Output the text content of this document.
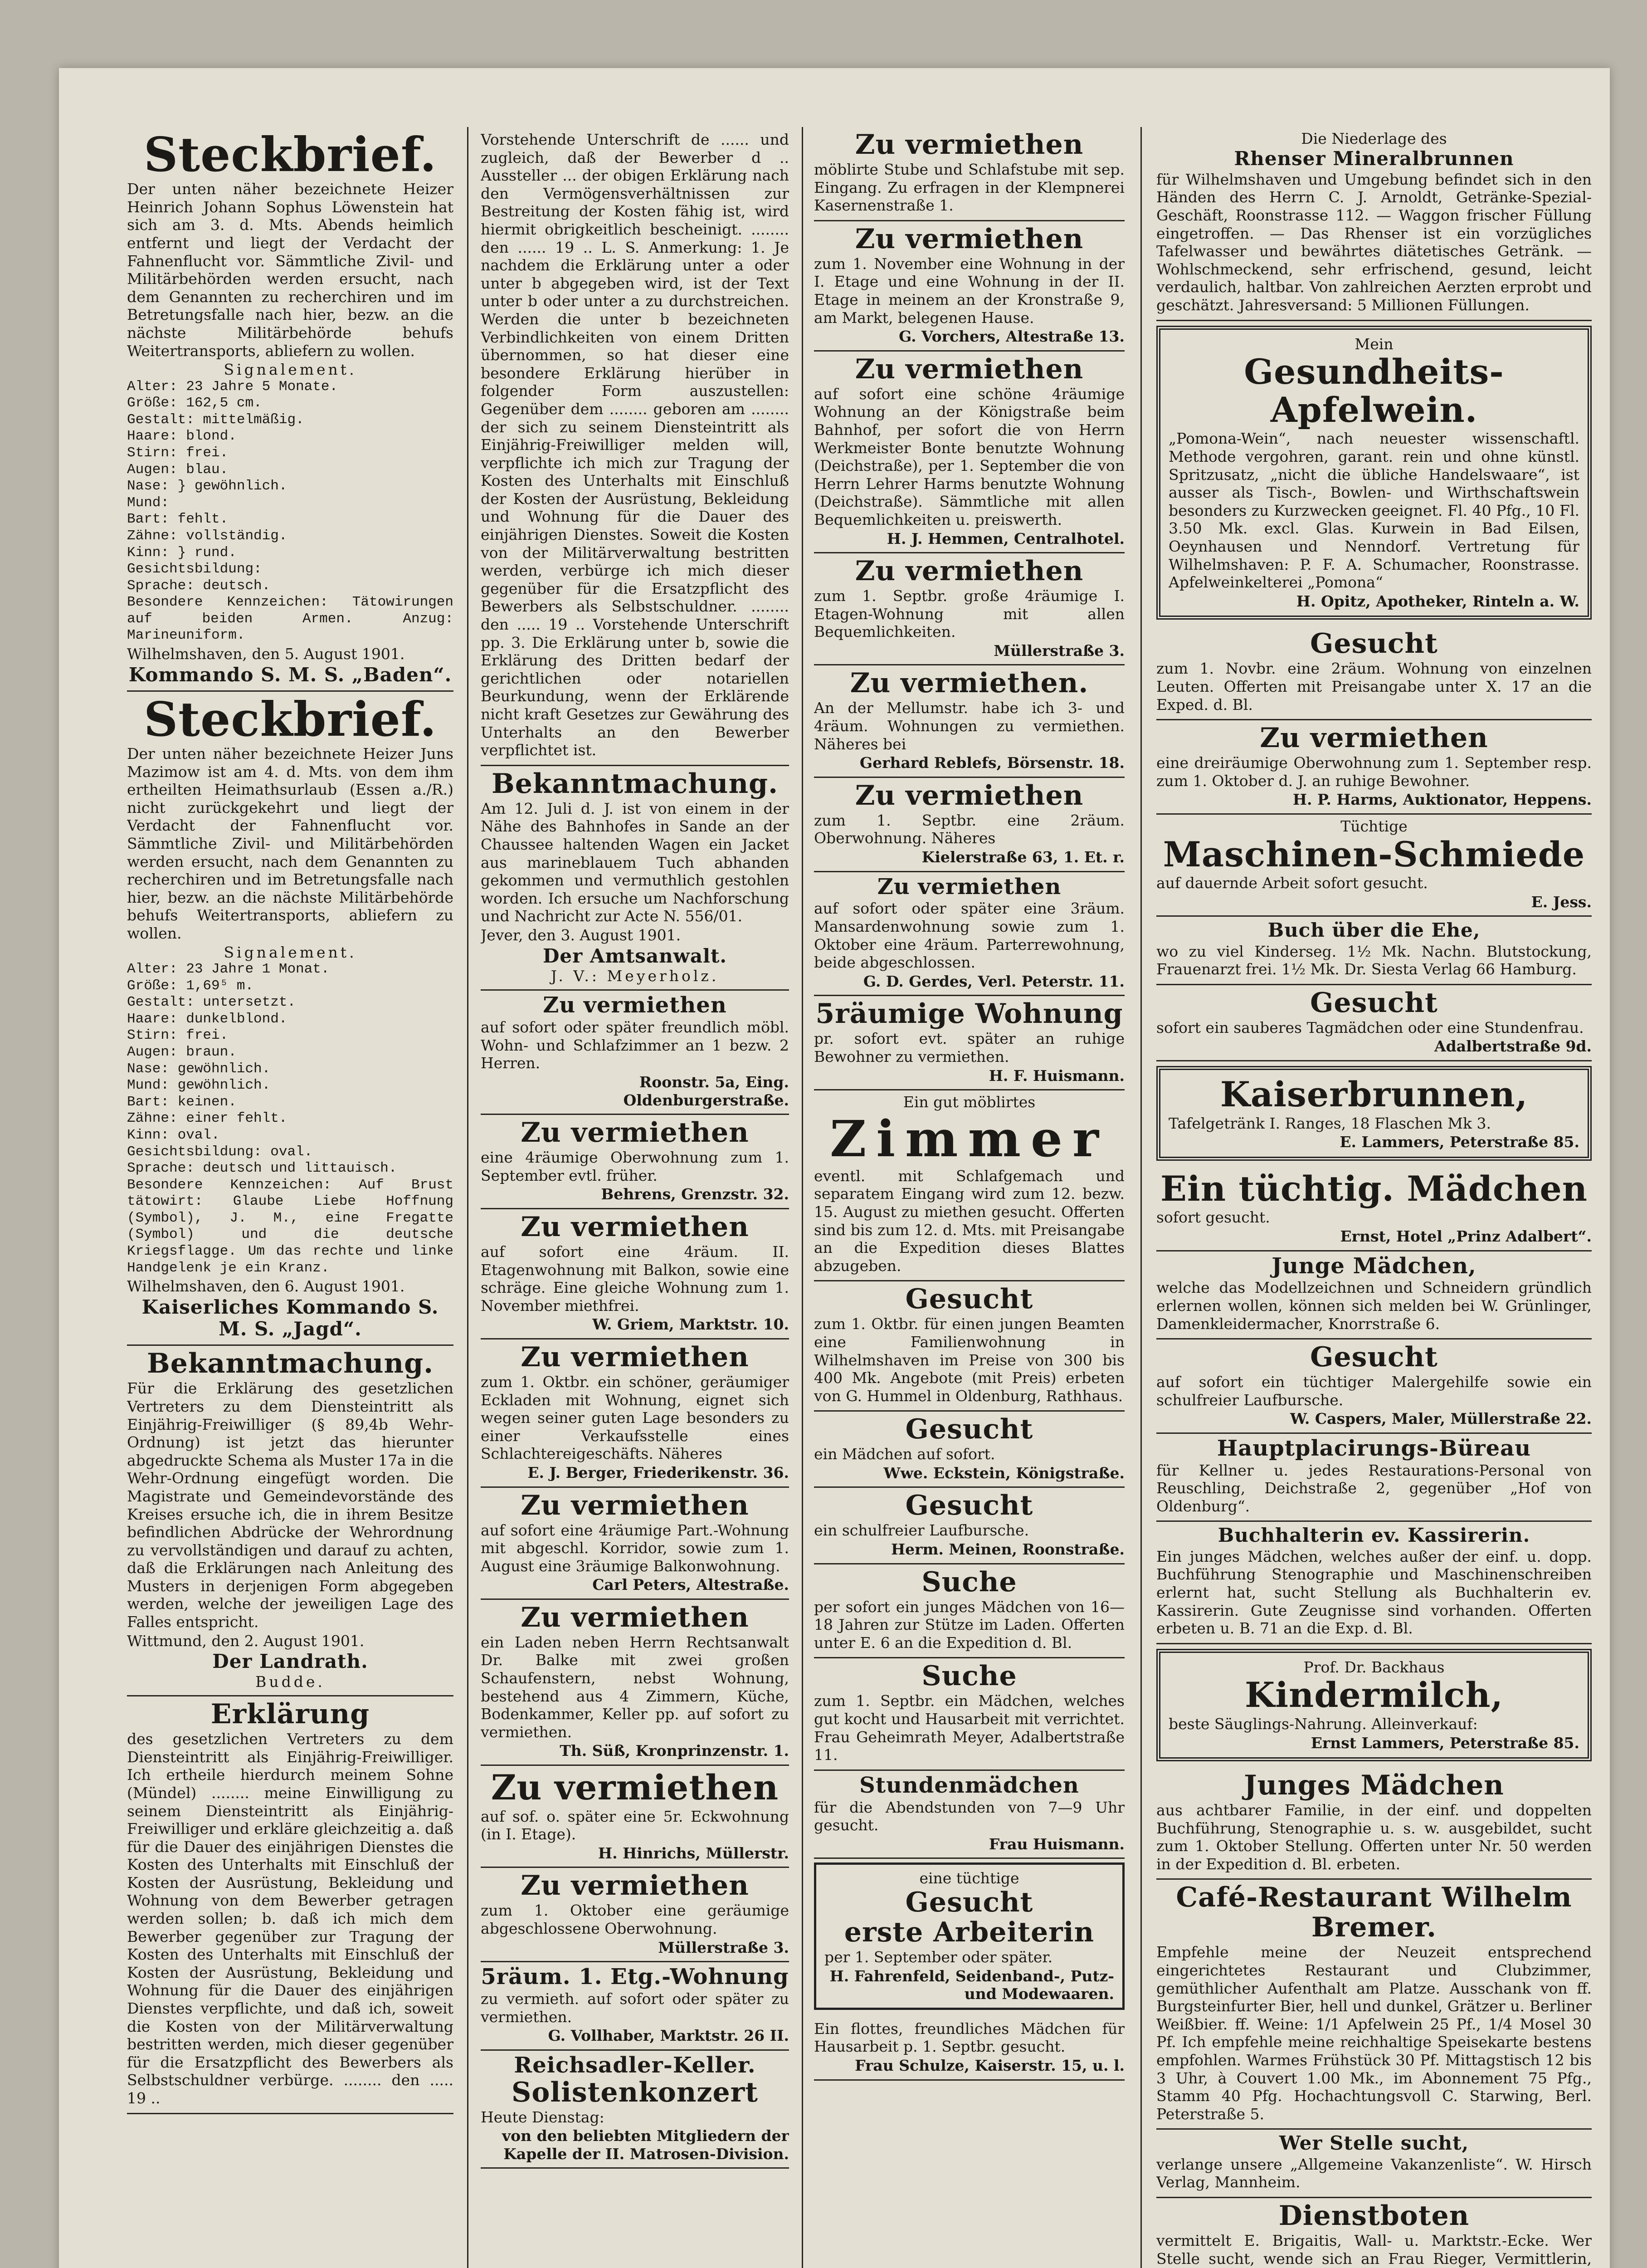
Steckbrief.
Der unten näher bezeichnete Heizer Heinrich Johann Sophus Löwenstein hat sich am 3. d. Mts. Abends heimlich entfernt und liegt der Verdacht der Fahnenflucht vor. Sämmtliche Zivil- und Militärbehörden werden ersucht, nach dem Genannten zu recherchiren und im Betretungsfalle nach hier, bezw. an die nächste Militärbehörde behufs Weitertransports, abliefern zu wollen.
Signalement.
Alter: 23 Jahre 5 Monate.
Größe: 162,5 cm.
Gestalt: mittelmäßig.
Haare: blond.
Stirn: frei.
Augen: blau.
Nase: } gewöhnlich.
Mund:
Bart: fehlt.
Zähne: vollständig.
Kinn: } rund.
Gesichtsbildung:
Sprache: deutsch.
Besondere Kennzeichen: Tätowirungen auf beiden Armen. Anzug: Marineuniform.
Wilhelmshaven, den 5. August 1901.
Kommando S. M. S. „Baden“.
Steckbrief.
Der unten näher bezeichnete Heizer Juns Mazimow ist am 4. d. Mts. von dem ihm ertheilten Heimathsurlaub (Essen a./R.) nicht zurückgekehrt und liegt der Verdacht der Fahnenflucht vor. Sämmtliche Zivil- und Militärbehörden werden ersucht, nach dem Genannten zu recherchiren und im Betretungsfalle nach hier, bezw. an die nächste Militärbehörde behufs Weitertransports, abliefern zu wollen.
Signalement.
Alter: 23 Jahre 1 Monat.
Größe: 1,69⁵ m.
Gestalt: untersetzt.
Haare: dunkelblond.
Stirn: frei.
Augen: braun.
Nase: gewöhnlich.
Mund: gewöhnlich.
Bart: keinen.
Zähne: einer fehlt.
Kinn: oval.
Gesichtsbildung: oval.
Sprache: deutsch und littauisch.
Besondere Kennzeichen: Auf Brust tätowirt: Glaube Liebe Hoffnung (Symbol), J. M., eine Fregatte (Symbol) und die deutsche Kriegsflagge. Um das rechte und linke Handgelenk je ein Kranz.
Wilhelmshaven, den 6. August 1901.
Kaiserliches Kommando S. M. S. „Jagd“.
Bekanntmachung.
Für die Erklärung des gesetzlichen Vertreters zu dem Diensteintritt als Einjährig-Freiwilliger (§ 89,4b Wehr-Ordnung) ist jetzt das hierunter abgedruckte Schema als Muster 17a in die Wehr-Ordnung eingefügt worden. Die Magistrate und Gemeindevorstände des Kreises ersuche ich, die in ihrem Besitze befindlichen Abdrücke der Wehrordnung zu vervollständigen und darauf zu achten, daß die Erklärungen nach Anleitung des Musters in derjenigen Form abgegeben werden, welche der jeweiligen Lage des Falles entspricht.
Wittmund, den 2. August 1901.
Der Landrath.
Budde.
Erklärung
des gesetzlichen Vertreters zu dem Diensteintritt als Einjährig-Freiwilliger. Ich ertheile hierdurch meinem Sohne (Mündel) ........ meine Einwilligung zu seinem Diensteintritt als Einjährig-Freiwilliger und erkläre gleichzeitig a. daß für die Dauer des einjährigen Dienstes die Kosten des Unterhalts mit Einschluß der Kosten der Ausrüstung, Bekleidung und Wohnung von dem Bewerber getragen werden sollen; b. daß ich mich dem Bewerber gegenüber zur Tragung der Kosten des Unterhalts mit Einschluß der Kosten der Ausrüstung, Bekleidung und Wohnung für die Dauer des einjährigen Dienstes verpflichte, und daß ich, soweit die Kosten von der Militärverwaltung bestritten werden, mich dieser gegenüber für die Ersatzpflicht des Bewerbers als Selbstschuldner verbürge. ........ den ..... 19 ..
Vorstehende Unterschrift de ...... und zugleich, daß der Bewerber d .. Aussteller ... der obigen Erklärung nach den Vermögensverhältnissen zur Bestreitung der Kosten fähig ist, wird hiermit obrigkeitlich bescheinigt. ........ den ...... 19 .. L. S. Anmerkung: 1. Je nachdem die Erklärung unter a oder unter b abgegeben wird, ist der Text unter b oder unter a zu durchstreichen. Werden die unter b bezeichneten Verbindlichkeiten von einem Dritten übernommen, so hat dieser eine besondere Erklärung hierüber in folgender Form auszustellen: Gegenüber dem ........ geboren am ........ der sich zu seinem Diensteintritt als Einjährig-Freiwilliger melden will, verpflichte ich mich zur Tragung der Kosten des Unterhalts mit Einschluß der Kosten der Ausrüstung, Bekleidung und Wohnung für die Dauer des einjährigen Dienstes. Soweit die Kosten von der Militärverwaltung bestritten werden, verbürge ich mich dieser gegenüber für die Ersatzpflicht des Bewerbers als Selbstschuldner. ........ den ..... 19 .. Vorstehende Unterschrift pp. 3. Die Erklärung unter b, sowie die Erklärung des Dritten bedarf der gerichtlichen oder notariellen Beurkundung, wenn der Erklärende nicht kraft Gesetzes zur Gewährung des Unterhalts an den Bewerber verpflichtet ist.
Bekanntmachung.
Am 12. Juli d. J. ist von einem in der Nähe des Bahnhofes in Sande an der Chaussee haltenden Wagen ein Jacket aus marineblauem Tuch abhanden gekommen und vermuthlich gestohlen worden. Ich ersuche um Nachforschung und Nachricht zur Acte N. 556/01.
Jever, den 3. August 1901.
Der Amtsanwalt.
J. V.: Meyerholz.
Zu vermiethen
auf sofort oder später freundlich möbl. Wohn- und Schlafzimmer an 1 bezw. 2 Herren.
Roonstr. 5a, Eing. Oldenburgerstraße.
Zu vermiethen
eine 4räumige Oberwohnung zum 1. September evtl. früher.
Behrens, Grenzstr. 32.
Zu vermiethen
auf sofort eine 4räum. II. Etagenwohnung mit Balkon, sowie eine schräge. Eine gleiche Wohnung zum 1. November miethfrei.
W. Griem, Marktstr. 10.
Zu vermiethen
zum 1. Oktbr. ein schöner, geräumiger Eckladen mit Wohnung, eignet sich wegen seiner guten Lage besonders zu einer Verkaufsstelle eines Schlachtereigeschäfts. Näheres
E. J. Berger, Friederikenstr. 36.
Zu vermiethen
auf sofort eine 4räumige Part.-Wohnung mit abgeschl. Korridor, sowie zum 1. August eine 3räumige Balkonwohnung.
Carl Peters, Altestraße.
Zu vermiethen
ein Laden neben Herrn Rechtsanwalt Dr. Balke mit zwei großen Schaufenstern, nebst Wohnung, bestehend aus 4 Zimmern, Küche, Bodenkammer, Keller pp. auf sofort zu vermiethen.
Th. Süß, Kronprinzenstr. 1.
Zu vermiethen
auf sof. o. später eine 5r. Eckwohnung (in I. Etage).
H. Hinrichs, Müllerstr.
Zu vermiethen
zum 1. Oktober eine geräumige abgeschlossene Oberwohnung.
Müllerstraße 3.
5räum. 1. Etg.-Wohnung
zu vermieth. auf sofort oder später zu vermiethen.
G. Vollhaber, Marktstr. 26 II.
Reichsadler-Keller.
Solistenkonzert
Heute Dienstag:
von den beliebten Mitgliedern der Kapelle der II. Matrosen-Division.
Zu vermiethen
möblirte Stube und Schlafstube mit sep. Eingang. Zu erfragen in der Klempnerei Kasernenstraße 1.
Zu vermiethen
zum 1. November eine Wohnung in der I. Etage und eine Wohnung in der II. Etage in meinem an der Kronstraße 9, am Markt, belegenen Hause.
G. Vorchers, Altestraße 13.
Zu vermiethen
auf sofort eine schöne 4räumige Wohnung an der Königstraße beim Bahnhof, per sofort die von Herrn Werkmeister Bonte benutzte Wohnung (Deichstraße), per 1. September die von Herrn Lehrer Harms benutzte Wohnung (Deichstraße). Sämmtliche mit allen Bequemlichkeiten u. preiswerth.
H. J. Hemmen, Centralhotel.
Zu vermiethen
zum 1. Septbr. große 4räumige I. Etagen-Wohnung mit allen Bequemlichkeiten.
Müllerstraße 3.
Zu vermiethen.
An der Mellumstr. habe ich 3- und 4räum. Wohnungen zu vermiethen. Näheres bei
Gerhard Reblefs, Börsenstr. 18.
Zu vermiethen
zum 1. Septbr. eine 2räum. Oberwohnung. Näheres
Kielerstraße 63, 1. Et. r.
Zu vermiethen
auf sofort oder später eine 3räum. Mansardenwohnung sowie zum 1. Oktober eine 4räum. Parterrewohnung, beide abgeschlossen.
G. D. Gerdes, Verl. Peterstr. 11.
5räumige Wohnung
pr. sofort evt. später an ruhige Bewohner zu vermiethen.
H. F. Huismann.
Ein gut möblirtes
Zimmer
eventl. mit Schlafgemach und separatem Eingang wird zum 12. bezw. 15. August zu miethen gesucht. Offerten sind bis zum 12. d. Mts. mit Preisangabe an die Expedition dieses Blattes abzugeben.
Gesucht
zum 1. Oktbr. für einen jungen Beamten eine Familienwohnung in Wilhelmshaven im Preise von 300 bis 400 Mk. Angebote (mit Preis) erbeten von G. Hummel in Oldenburg, Rathhaus.
Gesucht
ein Mädchen auf sofort.
Wwe. Eckstein, Königstraße.
Gesucht
ein schulfreier Laufbursche.
Herm. Meinen, Roonstraße.
Suche
per sofort ein junges Mädchen von 16—18 Jahren zur Stütze im Laden. Offerten unter E. 6 an die Expedition d. Bl.
Suche
zum 1. Septbr. ein Mädchen, welches gut kocht und Hausarbeit mit verrichtet. Frau Geheimrath Meyer, Adalbertstraße 11.
Stundenmädchen
für die Abendstunden von 7—9 Uhr gesucht.
Frau Huismann.
eine tüchtige
Gesucht
erste Arbeiterin
per 1. September oder später.
H. Fahrenfeld, Seidenband-, Putz- und Modewaaren.
Ein flottes, freundliches Mädchen für Hausarbeit p. 1. Septbr. gesucht.
Frau Schulze, Kaiserstr. 15, u. l.
Die Niederlage des
Rhenser Mineralbrunnen
für Wilhelmshaven und Umgebung befindet sich in den Händen des Herrn C. J. Arnoldt, Getränke-Spezial-Geschäft, Roonstrasse 112. — Waggon frischer Füllung eingetroffen. — Das Rhenser ist ein vorzügliches Tafelwasser und bewährtes diätetisches Getränk. — Wohlschmeckend, sehr erfrischend, gesund, leicht verdaulich, haltbar. Von zahlreichen Aerzten erprobt und geschätzt. Jahresversand: 5 Millionen Füllungen.
Mein
Gesundheits-Apfelwein.
„Pomona-Wein“, nach neuester wissenschaftl. Methode vergohren, garant. rein und ohne künstl. Spritzusatz, „nicht die übliche Handelswaare“, ist ausser als Tisch-, Bowlen- und Wirthschaftswein besonders zu Kurzwecken geeignet. Fl. 40 Pfg., 10 Fl. 3.50 Mk. excl. Glas. Kurwein in Bad Eilsen, Oeynhausen und Nenndorf. Vertretung für Wilhelmshaven: P. F. A. Schumacher, Roonstrasse. Apfelweinkelterei „Pomona“
H. Opitz, Apotheker, Rinteln a. W.
Gesucht
zum 1. Novbr. eine 2räum. Wohnung von einzelnen Leuten. Offerten mit Preisangabe unter X. 17 an die Exped. d. Bl.
Zu vermiethen
eine dreiräumige Oberwohnung zum 1. September resp. zum 1. Oktober d. J. an ruhige Bewohner.
H. P. Harms, Auktionator, Heppens.
Tüchtige
Maschinen-Schmiede
auf dauernde Arbeit sofort gesucht.
E. Jess.
Buch über die Ehe,
wo zu viel Kinderseg. 1½ Mk. Nachn. Blutstockung, Frauenarzt frei. 1½ Mk. Dr. Siesta Verlag 66 Hamburg.
Gesucht
sofort ein sauberes Tagmädchen oder eine Stundenfrau.
Adalbertstraße 9d.
Kaiserbrunnen,
Tafelgetränk I. Ranges, 18 Flaschen Mk 3.
E. Lammers, Peterstraße 85.
Ein tüchtig. Mädchen
sofort gesucht.
Ernst, Hotel „Prinz Adalbert“.
Junge Mädchen,
welche das Modellzeichnen und Schneidern gründlich erlernen wollen, können sich melden bei W. Grünlinger, Damenkleidermacher, Knorrstraße 6.
Gesucht
auf sofort ein tüchtiger Malergehilfe sowie ein schulfreier Laufbursche.
W. Caspers, Maler, Müllerstraße 22.
Hauptplacirungs-Büreau
für Kellner u. jedes Restaurations-Personal von Reuschling, Deichstraße 2, gegenüber „Hof von Oldenburg“.
Buchhalterin ev. Kassirerin.
Ein junges Mädchen, welches außer der einf. u. dopp. Buchführung Stenographie und Maschinenschreiben erlernt hat, sucht Stellung als Buchhalterin ev. Kassirerin. Gute Zeugnisse sind vorhanden. Offerten erbeten u. B. 71 an die Exp. d. Bl.
Prof. Dr. Backhaus
Kindermilch,
beste Säuglings-Nahrung. Alleinverkauf:
Ernst Lammers, Peterstraße 85.
Junges Mädchen
aus achtbarer Familie, in der einf. und doppelten Buchführung, Stenographie u. s. w. ausgebildet, sucht zum 1. Oktober Stellung. Offerten unter Nr. 50 werden in der Expedition d. Bl. erbeten.
Café-Restaurant Wilhelm Bremer.
Empfehle meine der Neuzeit entsprechend eingerichtetes Restaurant und Clubzimmer, gemüthlicher Aufenthalt am Platze. Ausschank von ff. Burgsteinfurter Bier, hell und dunkel, Grätzer u. Berliner Weißbier. ff. Weine: 1/1 Apfelwein 25 Pf., 1/4 Mosel 30 Pf. Ich empfehle meine reichhaltige Speisekarte bestens empfohlen. Warmes Frühstück 30 Pf. Mittagstisch 12 bis 3 Uhr, à Couvert 1.00 Mk., im Abonnement 75 Pfg., Stamm 40 Pfg. Hochachtungsvoll C. Starwing, Berl. Peterstraße 5.
Wer Stelle sucht,
verlange unsere „Allgemeine Vakanzenliste“. W. Hirsch Verlag, Mannheim.
Dienstboten
vermittelt E. Brigaitis, Wall- u. Marktstr.-Ecke. Wer Stelle sucht, wende sich an Frau Rieger, Vermittlerin,
